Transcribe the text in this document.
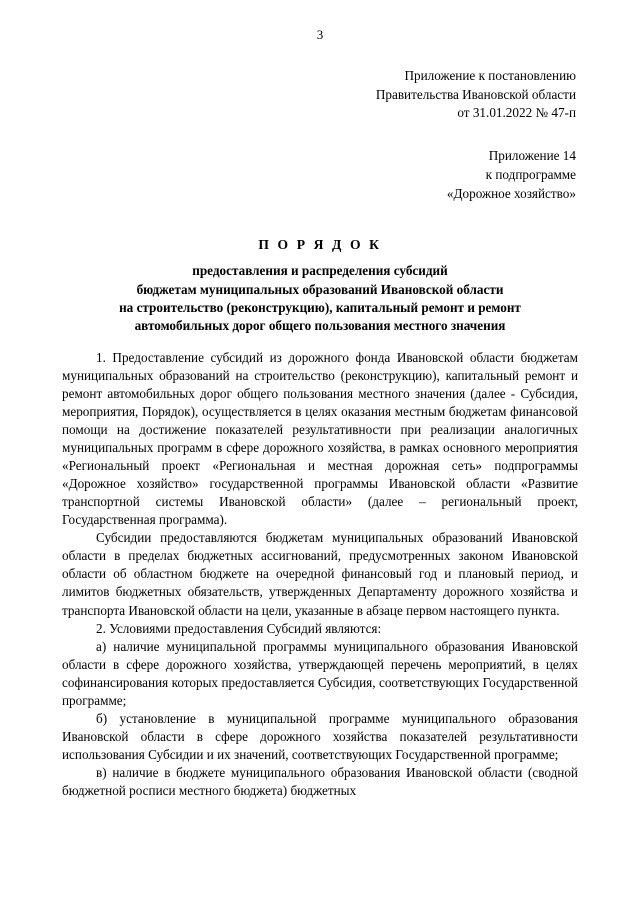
3
Приложение к постановлению
Правительства Ивановской области
от 31.01.2022 № 47-п
Приложение 14
к подпрограмме
«Дорожное хозяйство»
П О Р Я Д О К
предоставления и распределения субсидий
бюджетам муниципальных образований Ивановской области
на строительство (реконструкцию), капитальный ремонт и ремонт
автомобильных дорог общего пользования местного значения

1. Предоставление субсидий из дорожного фонда Ивановской области бюджетам муниципальных образований на строительство (реконструкцию), капитальный ремонт и ремонт автомобильных дорог общего пользования местного значения (далее - Субсидия, мероприятия, Порядок), осуществляется в целях оказания местным бюджетам финансовой помощи на достижение показателей результативности при реализации аналогичных муниципальных программ в сфере дорожного хозяйства, в рамках основного мероприятия «Региональный проект «Региональная и местная дорожная сеть» подпрограммы «Дорожное хозяйство» государственной программы Ивановской области «Развитие транспортной системы Ивановской области» (далее – региональный проект, Государственная программа).

Субсидии предоставляются бюджетам муниципальных образований Ивановской области в пределах бюджетных ассигнований, предусмотренных законом Ивановской области об областном бюджете на очередной финансовый год и плановый период, и лимитов бюджетных обязательств, утвержденных Департаменту дорожного хозяйства и транспорта Ивановской области на цели, указанные в абзаце первом настоящего пункта.

2. Условиями предоставления Субсидий являются:

а) наличие муниципальной программы муниципального образования Ивановской области в сфере дорожного хозяйства, утверждающей перечень мероприятий, в целях софинансирования которых предоставляется Субсидия, соответствующих Государственной программе;

б) установление в муниципальной программе муниципального образования Ивановской области в сфере дорожного хозяйства показателей результативности использования Субсидии и их значений, соответствующих Государственной программе;

в) наличие в бюджете муниципального образования Ивановской области (сводной бюджетной росписи местного бюджета) бюджетных
